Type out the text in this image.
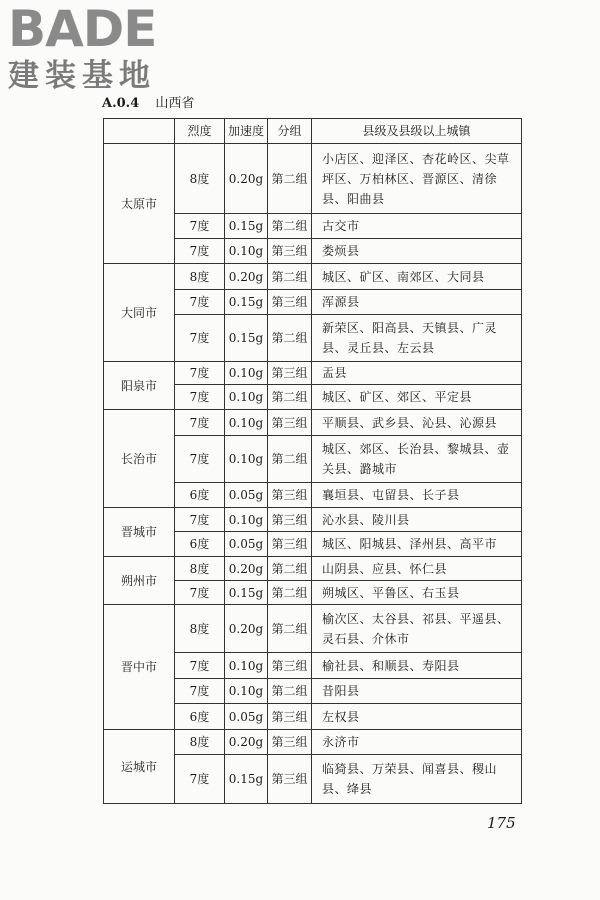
BADE
建装基地
A.0.4 山西省
	烈度	加速度	分组	县级及县级以上城镇
太原市	8度	0.20g	第二组	小店区、迎泽区、杏花岭区、尖草坪区、万柏林区、晋源区、清徐县、阳曲县
	7度	0.15g	第二组	古交市
	7度	0.10g	第三组	娄烦县
大同市	8度	0.20g	第二组	城区、矿区、南郊区、大同县
	7度	0.15g	第三组	浑源县
	7度	0.15g	第二组	新荣区、阳高县、天镇县、广灵县、灵丘县、左云县
阳泉市	7度	0.10g	第三组	盂县
	7度	0.10g	第二组	城区、矿区、郊区、平定县
长治市	7度	0.10g	第三组	平顺县、武乡县、沁县、沁源县
	7度	0.10g	第二组	城区、郊区、长治县、黎城县、壶关县、潞城市
	6度	0.05g	第三组	襄垣县、屯留县、长子县
晋城市	7度	0.10g	第三组	沁水县、陵川县
	6度	0.05g	第三组	城区、阳城县、泽州县、高平市
朔州市	8度	0.20g	第二组	山阴县、应县、怀仁县
	7度	0.15g	第二组	朔城区、平鲁区、右玉县
晋中市	8度	0.20g	第二组	榆次区、太谷县、祁县、平遥县、灵石县、介休市
	7度	0.10g	第三组	榆社县、和顺县、寿阳县
	7度	0.10g	第二组	昔阳县
	6度	0.05g	第三组	左权县
运城市	8度	0.20g	第三组	永济市
	7度	0.15g	第三组	临猗县、万荣县、闻喜县、稷山县、绛县
175
